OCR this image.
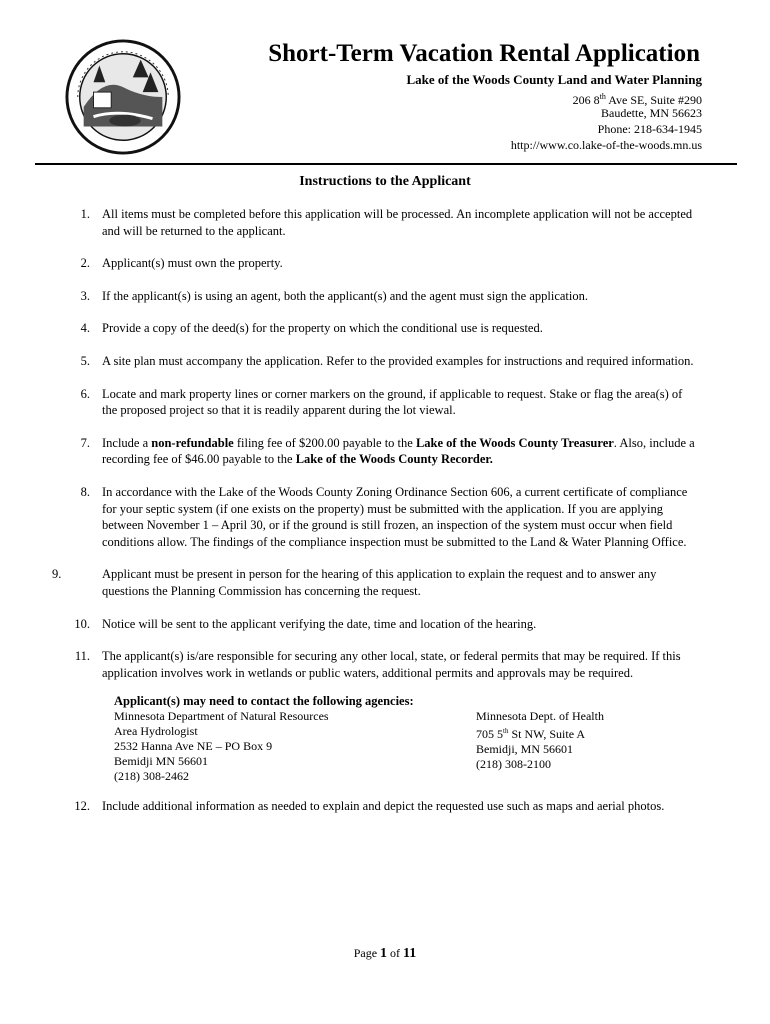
Short-Term Vacation Rental Application
Lake of the Woods County Land and Water Planning
206 8th Ave SE, Suite #290
Baudette, MN 56623
Phone: 218-634-1945
http://www.co.lake-of-the-woods.mn.us
Instructions to the Applicant
1. All items must be completed before this application will be processed. An incomplete application will not be accepted and will be returned to the applicant.
2. Applicant(s) must own the property.
3. If the applicant(s) is using an agent, both the applicant(s) and the agent must sign the application.
4. Provide a copy of the deed(s) for the property on which the conditional use is requested.
5. A site plan must accompany the application. Refer to the provided examples for instructions and required information.
6. Locate and mark property lines or corner markers on the ground, if applicable to request. Stake or flag the area(s) of the proposed project so that it is readily apparent during the lot viewal.
7. Include a non-refundable filing fee of $200.00 payable to the Lake of the Woods County Treasurer. Also, include a recording fee of $46.00 payable to the Lake of the Woods County Recorder.
8. In accordance with the Lake of the Woods County Zoning Ordinance Section 606, a current certificate of compliance for your septic system (if one exists on the property) must be submitted with the application. If you are applying between November 1 – April 30, or if the ground is still frozen, an inspection of the system must occur when field conditions allow. The findings of the compliance inspection must be submitted to the Land & Water Planning Office.
9.	Applicant must be present in person for the hearing of this application to explain the request and to answer any questions the Planning Commission has concerning the request.
10. Notice will be sent to the applicant verifying the date, time and location of the hearing.
11. The applicant(s) is/are responsible for securing any other local, state, or federal permits that may be required. If this application involves work in wetlands or public waters, additional permits and approvals may be required.
Applicant(s) may need to contact the following agencies:
Minnesota Department of Natural Resources
Area Hydrologist
2532 Hanna Ave NE – PO Box 9
Bemidji MN 56601
(218) 308-2462
Minnesota Dept. of Health
705 5th St NW, Suite A
Bemidji, MN 56601
(218) 308-2100
12. Include additional information as needed to explain and depict the requested use such as maps and aerial photos.
Page 1 of 11
